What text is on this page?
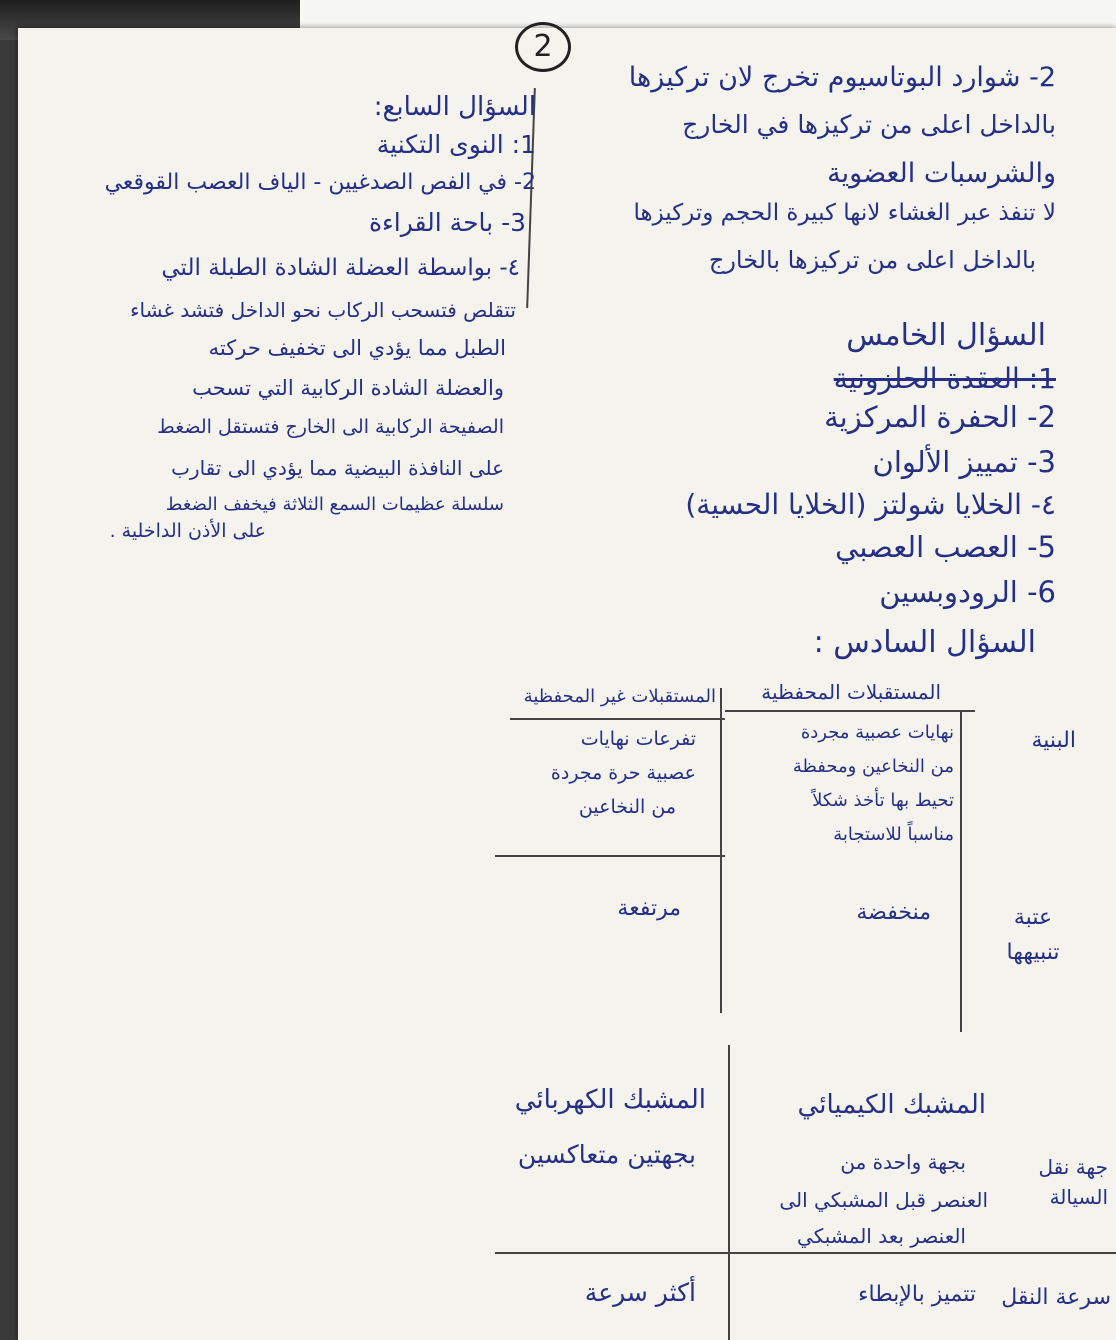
2
2- شوارد البوتاسيوم تخرج لان تركيزها
بالداخل اعلى من تركيزها في الخارج
والشرسبات العضوية
لا تنفذ عبر الغشاء لانها كبيرة الحجم وتركيزها
بالداخل اعلى من تركيزها بالخارج
السؤال الخامس
1: العقدة الحلزونية
2- الحفرة المركزية
3- تمييز الألوان
٤- الخلايا شولتز (الخلايا الحسية)
5- العصب العصبي
6- الرودوبسين
السؤال السادس :
السؤال السابع:
1: النوى التكنية
2- في الفص الصدغيين - الياف العصب القوقعي
3- باحة القراءة
٤- بواسطة العضلة الشادة الطبلة التي
تتقلص فتسحب الركاب نحو الداخل فتشد غشاء
الطبل مما يؤدي الى تخفيف حركته
والعضلة الشادة الركابية التي تسحب
الصفيحة الركابية الى الخارج فتستقل الضغط
على النافذة البيضية مما يؤدي الى تقارب
سلسلة عظيمات السمع الثلاثة فيخفف الضغط
على الأذن الداخلية .
المستقبلات المحفظية
المستقبلات غير المحفظية
البنية
نهايات عصبية مجردة
من النخاعين ومحفظة
تحيط بها تأخذ شكلاً
مناسباً للاستجابة
تفرعات نهايات
عصبية حرة مجردة
من النخاعين
عتبة تنبيهها
منخفضة
مرتفعة
المشبك الكيميائي
المشبك الكهربائي
جهة نقل السيالة
بجهة واحدة من
العنصر قبل المشبكي الى
العنصر بعد المشبكي
بجهتين متعاكسين
سرعة النقل
تتميز بالإبطاء
أكثر سرعة
